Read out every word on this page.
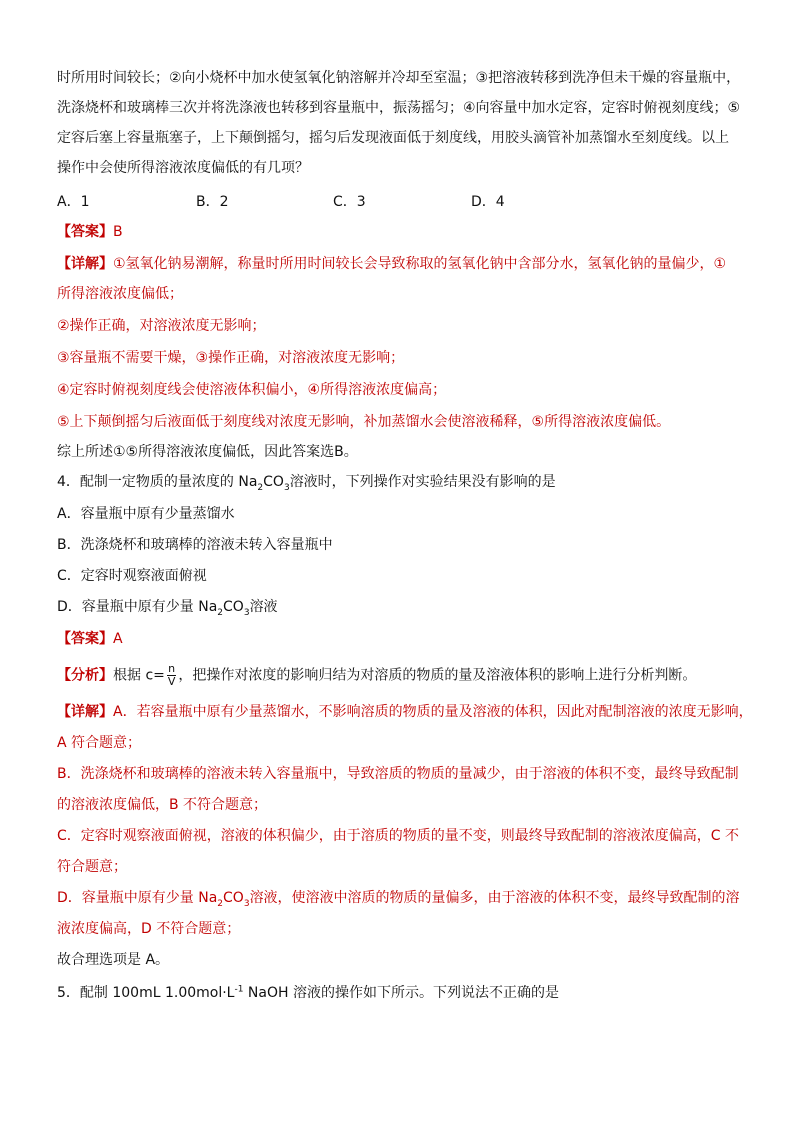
时所用时间较长；②向小烧杯中加水使氢氧化钠溶解并冷却至室温；③把溶液转移到洗净但未干燥的容量瓶中，
洗涤烧杯和玻璃棒三次并将洗涤液也转移到容量瓶中，振荡摇匀；④向容量中加水定容，定容时俯视刻度线；⑤
定容后塞上容量瓶塞子，上下颠倒摇匀，摇匀后发现液面低于刻度线，用胶头滴管补加蒸馏水至刻度线。以上
操作中会使所得溶液浓度偏低的有几项？
A．1	B．2	C．3	D．4
【答案】B
【详解】①氢氧化钠易潮解，称量时所用时间较长会导致称取的氢氧化钠中含部分水，氢氧化钠的量偏少，①
所得溶液浓度偏低；
②操作正确，对溶液浓度无影响；
③容量瓶不需要干燥，③操作正确，对溶液浓度无影响；
④定容时俯视刻度线会使溶液体积偏小，④所得溶液浓度偏高；
⑤上下颠倒摇匀后液面低于刻度线对浓度无影响，补加蒸馏水会使溶液稀释，⑤所得溶液浓度偏低。
综上所述①⑤所得溶液浓度偏低，因此答案选B。
4．配制一定物质的量浓度的 $Na_2CO_3$溶液时，下列操作对实验结果没有影响的是
A．容量瓶中原有少量蒸馏水
B．洗涤烧杯和玻璃棒的溶液未转入容量瓶中
C．定容时观察液面俯视
D．容量瓶中原有少量 $Na_2CO_3$溶液
【答案】A
【分析】根据 $c= \frac{n}{V}$ ，把操作对浓度的影响归结为对溶质的物质的量及溶液体积的影响上进行分析判断。
【详解】A．若容量瓶中原有少量蒸馏水，不影响溶质的物质的量及溶液的体积，因此对配制溶液的浓度无影响，
A 符合题意；
B．洗涤烧杯和玻璃棒的溶液未转入容量瓶中，导致溶质的物质的量减少，由于溶液的体积不变，最终导致配制
的溶液浓度偏低，B 不符合题意；
C．定容时观察液面俯视，溶液的体积偏少，由于溶质的物质的量不变，则最终导致配制的溶液浓度偏高，C 不
符合题意；
D．容量瓶中原有少量 $Na_2CO_3$溶液，使溶液中溶质的物质的量偏多，由于溶液的体积不变，最终导致配制的溶
液浓度偏高，D 不符合题意；
故合理选项是 A。
5．配制 100mL $1.00mol\cdot L^{-1}$ NaOH 溶液的操作如下所示。下列说法不正确的是
